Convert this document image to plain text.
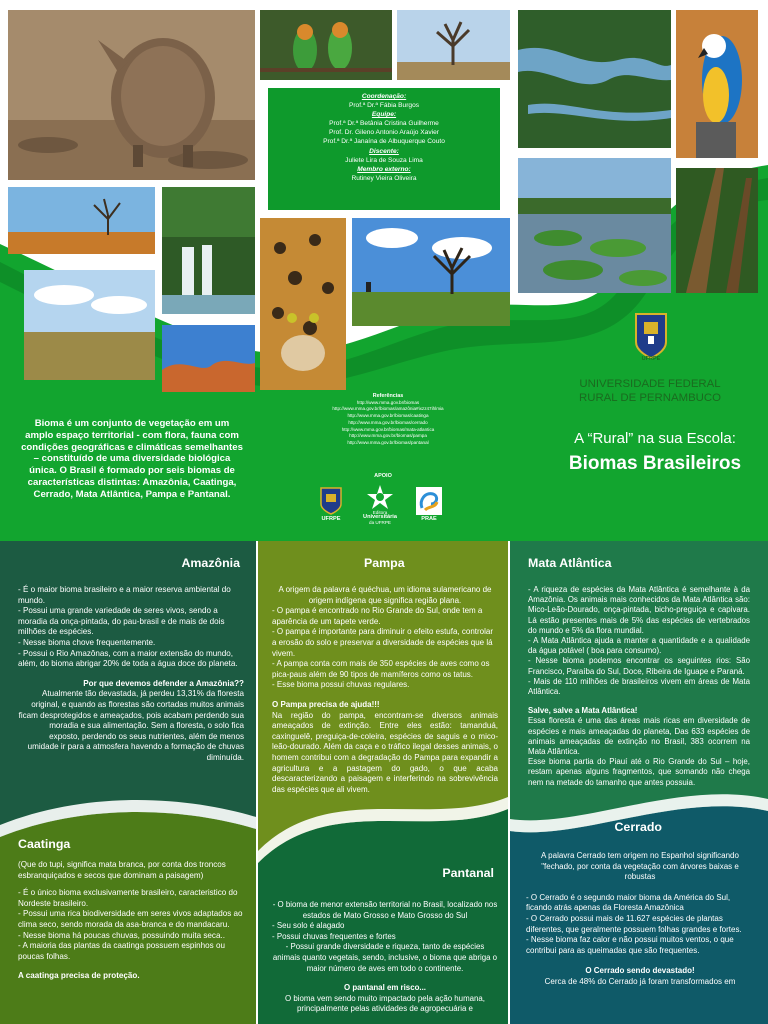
Coordenação:
Prof.ª Dr.ª Fábia Burgos
Equipe:
Prof.ª Dr.ª Betânia Cristina Guilherme
Prof. Dr. Gileno Antonio Araújo Xavier
Prof.ª Dr.ª Janaína de Albuquerque Couto
Discente:
Juliete Lira de Souza Lima
Membro externo:
Rutiney Vieira Oliveira
Referências
http://www.mma.gov.br/biomas
http://www.mma.gov.br/biomas/amazônia#ixzz47ihlmia
http://www.mma.gov.br/biomas/caatinga
http://www.mma.gov.br/biomas/cerrado
http://www.mma.gov.br/biomas/mata-atlantica
http://www.mma.gov.br/biomas/pampa
http://www.mma.gov.br/biomas/pantanal
APOIO
UFRPE
Editora
Universitária
da UFRPE
PRAE
Bioma é um conjunto de vegetação em um amplo espaço territorial - com flora, fauna com condições geográficas e climáticas semelhantes – constituído de uma diversidade biológica única. O Brasil é formado por seis biomas de características distintas: Amazônia, Caatinga, Cerrado, Mata Atlântica, Pampa e Pantanal.
UFRPE
UNIVERSIDADE FEDERAL
RURAL DE PERNAMBUCO
A “Rural” na sua Escola:
Biomas Brasileiros
Amazônia
- É o maior bioma brasileiro e a maior reserva ambiental do mundo.
- Possui uma grande variedade de seres vivos, sendo a moradia da onça-pintada, do pau-brasil e de mais de dois milhões de espécies.
- Nesse bioma chove frequentemente.
- Possui o Rio Amazônas, com a maior extensão do mundo, além, do bioma abrigar 20% de toda a água doce do planeta.
Por que devemos defender a Amazônia??
Atualmente tão devastada, já perdeu 13,31% da floresta original, e quando as florestas são cortadas muitos animais ficam desprotegidos e ameaçados, pois acabam perdendo sua moradia e sua alimentação. Sem a floresta, o solo fica exposto, perdendo os seus nutrientes, além de menos umidade ir para a atmosfera havendo a formação de chuvas diminuída.
Caatinga
(Que do tupi, significa mata branca, por conta dos troncos esbranquiçados e secos que dominam a paisagem)
- É o único bioma exclusivamente brasileiro, caracteristico do Nordeste brasileiro.
- Possui uma rica biodiversidade em seres vivos adaptados ao clima seco, sendo morada da asa-branca e do mandacaru.
- Nesse bioma há poucas chuvas, possuindo muita seca..
- A maioria das plantas da caatinga possuem espinhos ou poucas folhas.
A caatinga precisa de proteção.
Pampa
A origem da palavra é quéchua, um idioma sulamericano de origem indígena que significa região plana.
- O pampa é encontrado no Rio Grande do Sul, onde tem a aparência de um tapete verde.
- O pampa é importante para diminuir o efeito estufa, controlar a erosão do solo e preservar a diversidade de espécies que lá vivem.
- A pampa conta com mais de 350 espécies de aves como os pica-paus além de 90 tipos de mamíferos como os tatus.
- Esse bioma possui chuvas regulares.
O Pampa precisa de ajuda!!!
Na região do pampa, encontram-se diversos animais ameaçados de extinção. Entre eles estão: tamanduá, caxinguelê, preguiça-de-coleira, espécies de saguis e o mico-leão-dourado. Além da caça e o tráfico ilegal desses animais, o homem contribui com a degradação do Pampa para expandir a agricultura e a pastagem do gado, o que acaba descaracterizando a paisagem e interferindo na sobrevivência das espécies que ali vivem.
Pantanal
- O bioma de menor extensão territorial no Brasil, localizado nos estados de Mato Grosso e Mato Grosso do Sul
- Seu solo é alagado
- Possui chuvas frequentes e fortes
- Possui grande diversidade e riqueza, tanto de espécies animais quanto vegetais, sendo, inclusive, o bioma que abriga o maior número de aves em todo o continente.
O pantanal em risco...
O bioma vem sendo muito impactado pela ação humana, principalmente pelas atividades de agropecuária e
Mata Atlântica
- A riqueza de espécies da Mata Atlântica é semelhante à da Amazônia. Os animais mais conhecidos da Mata Atlântica são: Mico-Leão-Dourado, onça-pintada, bicho-preguiça e capivara. Lá estão presentes mais de 5% das espécies de vertebrados do mundo e 5% da flora mundial.
- A Mata Atlântica ajuda a manter a quantidade e a qualidade da água potável ( boa para consumo).
- Nesse bioma podemos encontrar os seguintes rios: São Francisco, Paraíba do Sul, Doce, Ribeira de Iguape e Paraná.
- Mais de 110 milhões de brasileiros vivem em áreas de Mata Atlântica.
Salve, salve a Mata Atlântica!
Essa floresta é uma das áreas mais ricas em diversidade de espécies e mais ameaçadas do planeta, Das 633 espécies de animais ameaçadas de extinção no Brasil, 383 ocorrem na Mata Atlântica.
Esse bioma partia do Piauí até o Rio Grande do Sul – hoje, restam apenas alguns fragmentos, que somando não chega nem na metade do tamanho que antes possuia.
Cerrado
A palavra Cerrado tem origem no Espanhol significando "fechado, por conta da vegetação com árvores baixas e robustas
- O Cerrado é o segundo maior bioma da América do Sul, ficando atrás apenas da Floresta Amazônica
- O Cerrado possui mais de 11.627 espécies de plantas diferentes, que geralmente possuem folhas grandes e fortes.
- Nesse bioma faz calor e não possui muitos ventos, o que contribui para as queimadas que são frequentes.
O Cerrado sendo devastado!
Cerca de 48% do Cerrado já foram transformados em
